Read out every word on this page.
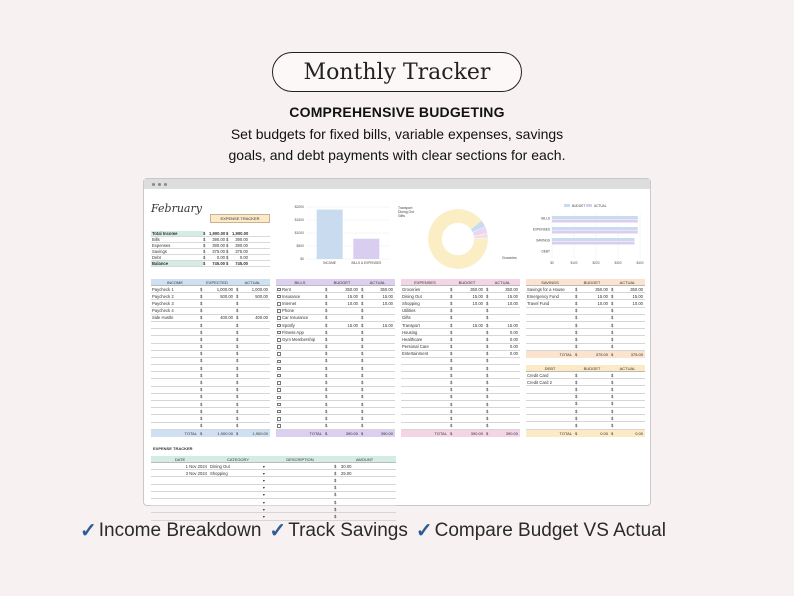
Monthly Tracker
COMPREHENSIVE BUDGETING
Set budgets for fixed bills, variable expenses, savings
goals, and debt payments with clear sections for each.
February
EXPENSE TRACKER
Total Income	$ 1,900.00 $ 1,900.00
Bills	$	390.00 $	390.00
Expenses	$	390.00 $	390.00
Savings	$	375.00 $	375.00
Debt	$	0.00 $	0.00
Balance	$	745.00 $	745.00
$0
$500
$1000
$1500
$2000
INCOME	BILLS & EXPENSES
Transport
Dining Out
Gifts
Groceries
BUDGET	ACTUAL
$0	$100	$200	$300	$400
BILLS
EXPENSES
SAVINGS
DEBT
INCOME	EXPECTED	ACTUAL
Paycheck 1	$	1,000.00 $	1,000.00
Paycheck 2	$	500.00 $	500.00
Paycheck 3	$	$
Paycheck 4	$	$
Side Hustle	$	400.00 $	400.00
$	$
$	$
$	$
$	$
$	$
$	$
$	$
$	$
$	$
$	$
$	$
$	$
$	$
$	$
$	$
TOTAL $	1,900.00 $	1,900.00
BILLS	BUDGET	ACTUAL
Rent	$	350.00 $	350.00
Insurance	$	15.00 $	15.00
Internet	$	10.00 $	10.00
Phone	$	$
Car Insurance	$	$
Spotify	$	15.00 $	15.00
Fitness App	$	$
Gym Membership	$	$
$	$
$	$
$	$
$	$
$	$
$	$
$	$
$	$
$	$
$	$
$	$
$	$
TOTAL $	390.00 $	390.00
EXPENSES	BUDGET	ACTUAL
Groceries	$	350.00 $	350.00
Dining Out	$	15.00 $	15.00
Shopping	$	10.00 $	10.00
Utilities	$	$
Gifts	$	$
Transport	$	15.00 $	15.00
Housing	$	$	0.00
Healthcare	$	$	0.00
Personal Care	$	$	0.00
Entertainment	$	$	0.00
$	$
$	$
$	$
$	$
$	$
$	$
$	$
$	$
$	$
$	$
TOTAL $	390.00 $	390.00
SAVINGS	BUDGET	ACTUAL
Savings for a House	$	350.00 $	350.00
Emergency Fund	$	15.00 $	15.00
Travel Fund	$	10.00 $	10.00
$	$
$	$
$	$
$	$
$	$
$	$
TOTAL $	375.00 $	375.00
DEBT	BUDGET	ACTUAL
Credit Card	$	$
Credit Card 2	$	$
$	$
$	$
$	$
$	$
$	$
$	$
TOTAL $	0.00 $	0.00
EXPENSE TRACKER
DATE	CATEGORY	DESCRIPTION	AMOUNT
1 Nov 2024 Dining Out	▾	$	30.00
3 Nov 2024 Shopping	▾	$	25.00
▾	$
▾	$
▾	$
▾	$
▾	$
▾	$
✓ Income Breakdown ✓ Track Savings ✓ Compare Budget VS Actual
